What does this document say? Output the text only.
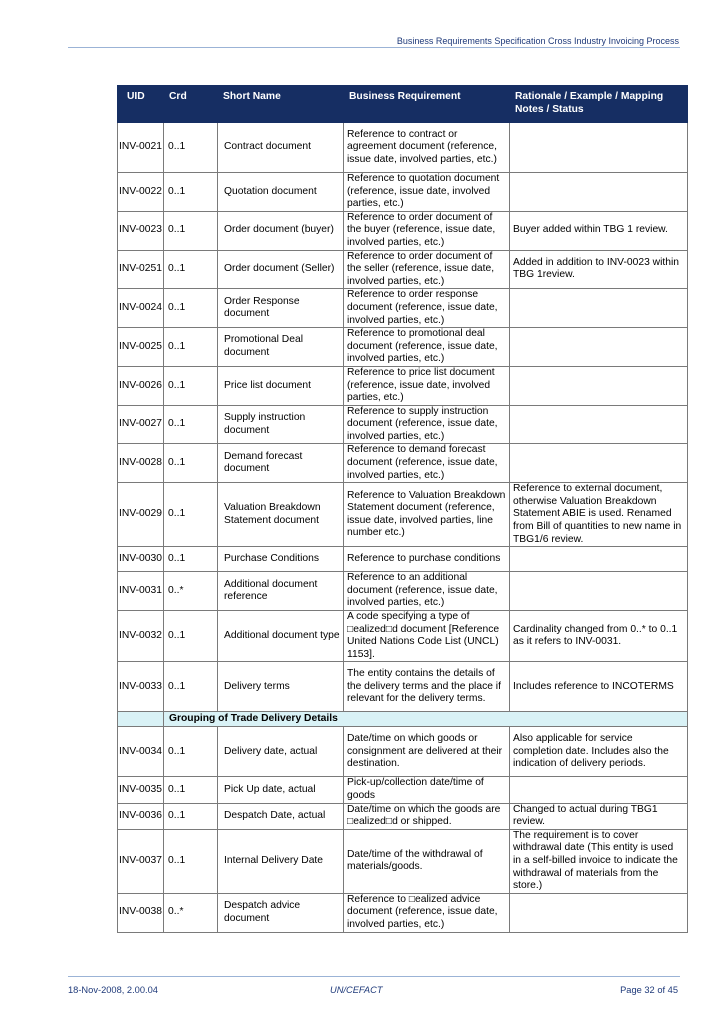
Business Requirements Specification Cross Industry Invoicing Process
UID	Crd	Short Name	Business Requirement	Rationale / Example / Mapping Notes / Status
INV-0021	0..1	Contract document	Reference to contract or agreement document (reference, issue date, involved parties, etc.)	
INV-0022	0..1	Quotation document	Reference to quotation document (reference, issue date, involved parties, etc.)	
INV-0023	0..1	Order document (buyer)	Reference to order document of the buyer (reference, issue date, involved parties, etc.)	Buyer added within TBG 1 review.
INV-0251	0..1	Order document (Seller)	Reference to order document of the seller (reference, issue date, involved parties, etc.)	Added in addition to INV-0023 within TBG 1review.
INV-0024	0..1	Order Response document	Reference to order response document (reference, issue date, involved parties, etc.)	
INV-0025	0..1	Promotional Deal document	Reference to promotional deal document (reference, issue date, involved parties, etc.)	
INV-0026	0..1	Price list document	Reference to price list document (reference, issue date, involved parties, etc.)	
INV-0027	0..1	Supply instruction document	Reference to supply instruction document (reference, issue date, involved parties, etc.)	
INV-0028	0..1	Demand forecast document	Reference to demand forecast document (reference, issue date, involved parties, etc.)	
INV-0029	0..1	Valuation Breakdown Statement document	Reference to Valuation Breakdown Statement document (reference, issue date, involved parties, line number etc.)	Reference to external document, otherwise Valuation Breakdown Statement ABIE is used. Renamed from Bill of quantities to new name in TBG1/6 review.
INV-0030	0..1	Purchase Conditions	Reference to purchase conditions	
INV-0031	0..*	Additional document reference	Reference to an additional document (reference, issue date, involved parties, etc.)	
INV-0032	0..1	Additional document type	A code specifying a type of □ealized□d document [Reference United Nations Code List (UNCL) 1153].	Cardinality changed from 0..* to 0..1 as it refers to INV-0031.
INV-0033	0..1	Delivery terms	The entity contains the details of the delivery terms and the place if relevant for the delivery terms.	Includes reference to INCOTERMS
	Grouping of Trade Delivery Details			
INV-0034	0..1	Delivery date, actual	Date/time on which goods or consignment are delivered at their destination.	Also applicable for service completion date. Includes also the indication of delivery periods.
INV-0035	0..1	Pick Up date, actual	Pick-up/collection date/time of goods	
INV-0036	0..1	Despatch Date, actual	Date/time on which the goods are □ealized□d or shipped.	Changed to actual during TBG1 review.
INV-0037	0..1	Internal Delivery Date	Date/time of the withdrawal of materials/goods.	The requirement is to cover withdrawal date (This entity is used in a self-billed invoice to indicate the withdrawal of materials from the store.)
INV-0038	0..*	Despatch advice document	Reference to □ealized advice document (reference, issue date, involved parties, etc.)	
18-Nov-2008, 2.00.04	UN/CEFACT	Page 32 of 45
